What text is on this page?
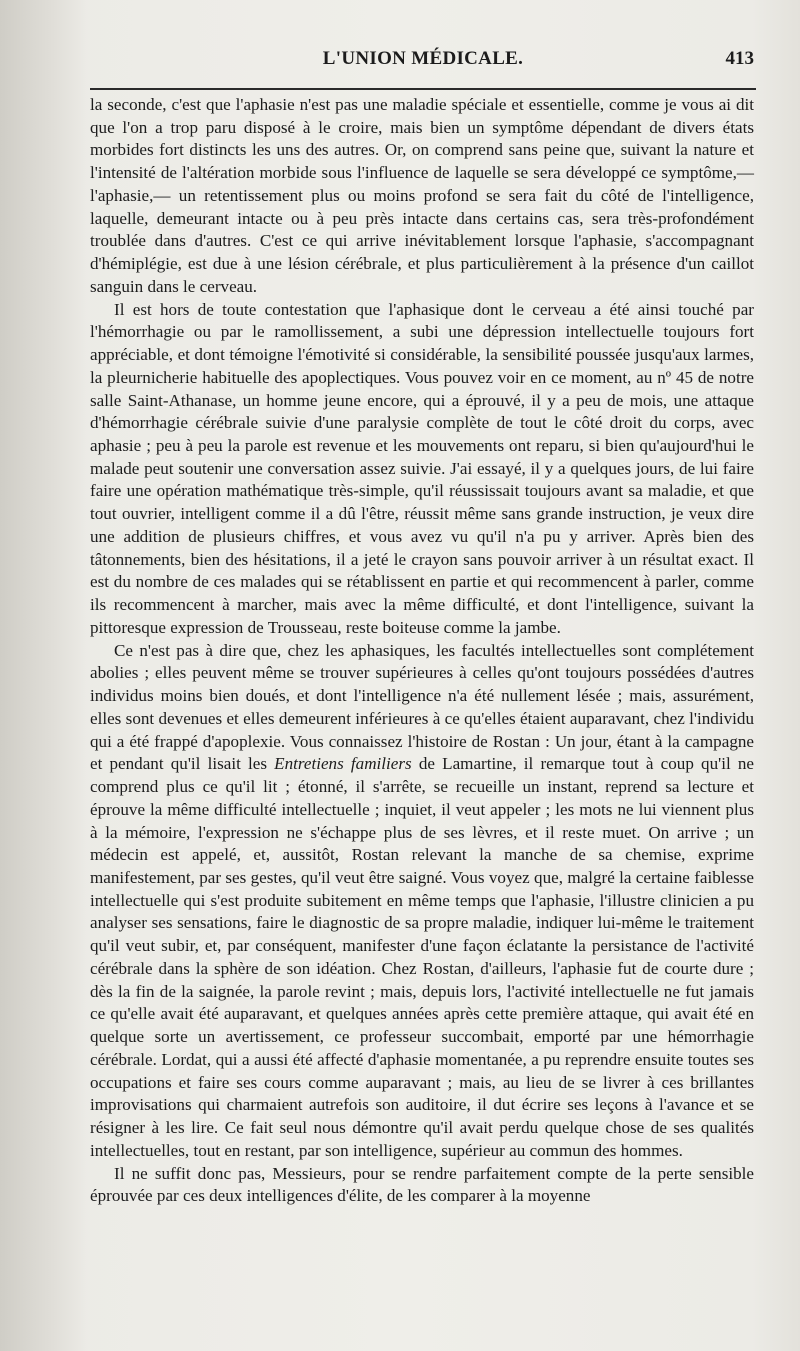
L'UNION MÉDICALE.	413

la seconde, c'est que l'aphasie n'est pas une maladie spéciale et essentielle, comme je vous ai dit que l'on a trop paru disposé à le croire, mais bien un symptôme dépendant de divers états morbides fort distincts les uns des autres. Or, on comprend sans peine que, suivant la nature et l'intensité de l'altération morbide sous l'influence de laquelle se sera développé ce symptôme,— l'aphasie,— un retentissement plus ou moins profond se sera fait du côté de l'intelligence, laquelle, demeurant intacte ou à peu près intacte dans certains cas, sera très-profondément troublée dans d'autres. C'est ce qui arrive inévitablement lorsque l'aphasie, s'accompagnant d'hémiplégie, est due à une lésion cérébrale, et plus particulièrement à la présence d'un caillot sanguin dans le cerveau.

Il est hors de toute contestation que l'aphasique dont le cerveau a été ainsi touché par l'hémorrhagie ou par le ramollissement, a subi une dépression intellectuelle toujours fort appréciable, et dont témoigne l'émotivité si considérable, la sensibilité poussée jusqu'aux larmes, la pleurnicherie habituelle des apoplectiques. Vous pouvez voir en ce moment, au nº 45 de notre salle Saint-Athanase, un homme jeune encore, qui a éprouvé, il y a peu de mois, une attaque d'hémorrhagie cérébrale suivie d'une paralysie complète de tout le côté droit du corps, avec aphasie ; peu à peu la parole est revenue et les mouvements ont reparu, si bien qu'aujourd'hui le malade peut soutenir une conversation assez suivie. J'ai essayé, il y a quelques jours, de lui faire faire une opération mathématique très-simple, qu'il réussissait toujours avant sa maladie, et que tout ouvrier, intelligent comme il a dû l'être, réussit même sans grande instruction, je veux dire une addition de plusieurs chiffres, et vous avez vu qu'il n'a pu y arriver. Après bien des tâtonnements, bien des hésitations, il a jeté le crayon sans pouvoir arriver à un résultat exact. Il est du nombre de ces malades qui se rétablissent en partie et qui recommencent à parler, comme ils recommencent à marcher, mais avec la même difficulté, et dont l'intelligence, suivant la pittoresque expression de Trousseau, reste boiteuse comme la jambe.

Ce n'est pas à dire que, chez les aphasiques, les facultés intellectuelles sont complétement abolies ; elles peuvent même se trouver supérieures à celles qu'ont toujours possédées d'autres individus moins bien doués, et dont l'intelligence n'a été nullement lésée ; mais, assurément, elles sont devenues et elles demeurent inférieures à ce qu'elles étaient auparavant, chez l'individu qui a été frappé d'apoplexie. Vous connaissez l'histoire de Rostan : Un jour, étant à la campagne et pendant qu'il lisait les Entretiens familiers de Lamartine, il remarque tout à coup qu'il ne comprend plus ce qu'il lit ; étonné, il s'arrête, se recueille un instant, reprend sa lecture et éprouve la même difficulté intellectuelle ; inquiet, il veut appeler ; les mots ne lui viennent plus à la mémoire, l'expression ne s'échappe plus de ses lèvres, et il reste muet. On arrive ; un médecin est appelé, et, aussitôt, Rostan relevant la manche de sa chemise, exprime manifestement, par ses gestes, qu'il veut être saigné. Vous voyez que, malgré la certaine faiblesse intellectuelle qui s'est produite subitement en même temps que l'aphasie, l'illustre clinicien a pu analyser ses sensations, faire le diagnostic de sa propre maladie, indiquer lui-même le traitement qu'il veut subir, et, par conséquent, manifester d'une façon éclatante la persistance de l'activité cérébrale dans la sphère de son idéation. Chez Rostan, d'ailleurs, l'aphasie fut de courte dure ; dès la fin de la saignée, la parole revint ; mais, depuis lors, l'activité intellectuelle ne fut jamais ce qu'elle avait été auparavant, et quelques années après cette première attaque, qui avait été en quelque sorte un avertissement, ce professeur succombait, emporté par une hémorrhagie cérébrale. Lordat, qui a aussi été affecté d'aphasie momentanée, a pu reprendre ensuite toutes ses occupations et faire ses cours comme auparavant ; mais, au lieu de se livrer à ces brillantes improvisations qui charmaient autrefois son auditoire, il dut écrire ses leçons à l'avance et se résigner à les lire. Ce fait seul nous démontre qu'il avait perdu quelque chose de ses qualités intellectuelles, tout en restant, par son intelligence, supérieur au commun des hommes.

Il ne suffit donc pas, Messieurs, pour se rendre parfaitement compte de la perte sensible éprouvée par ces deux intelligences d'élite, de les comparer à la moyenne
